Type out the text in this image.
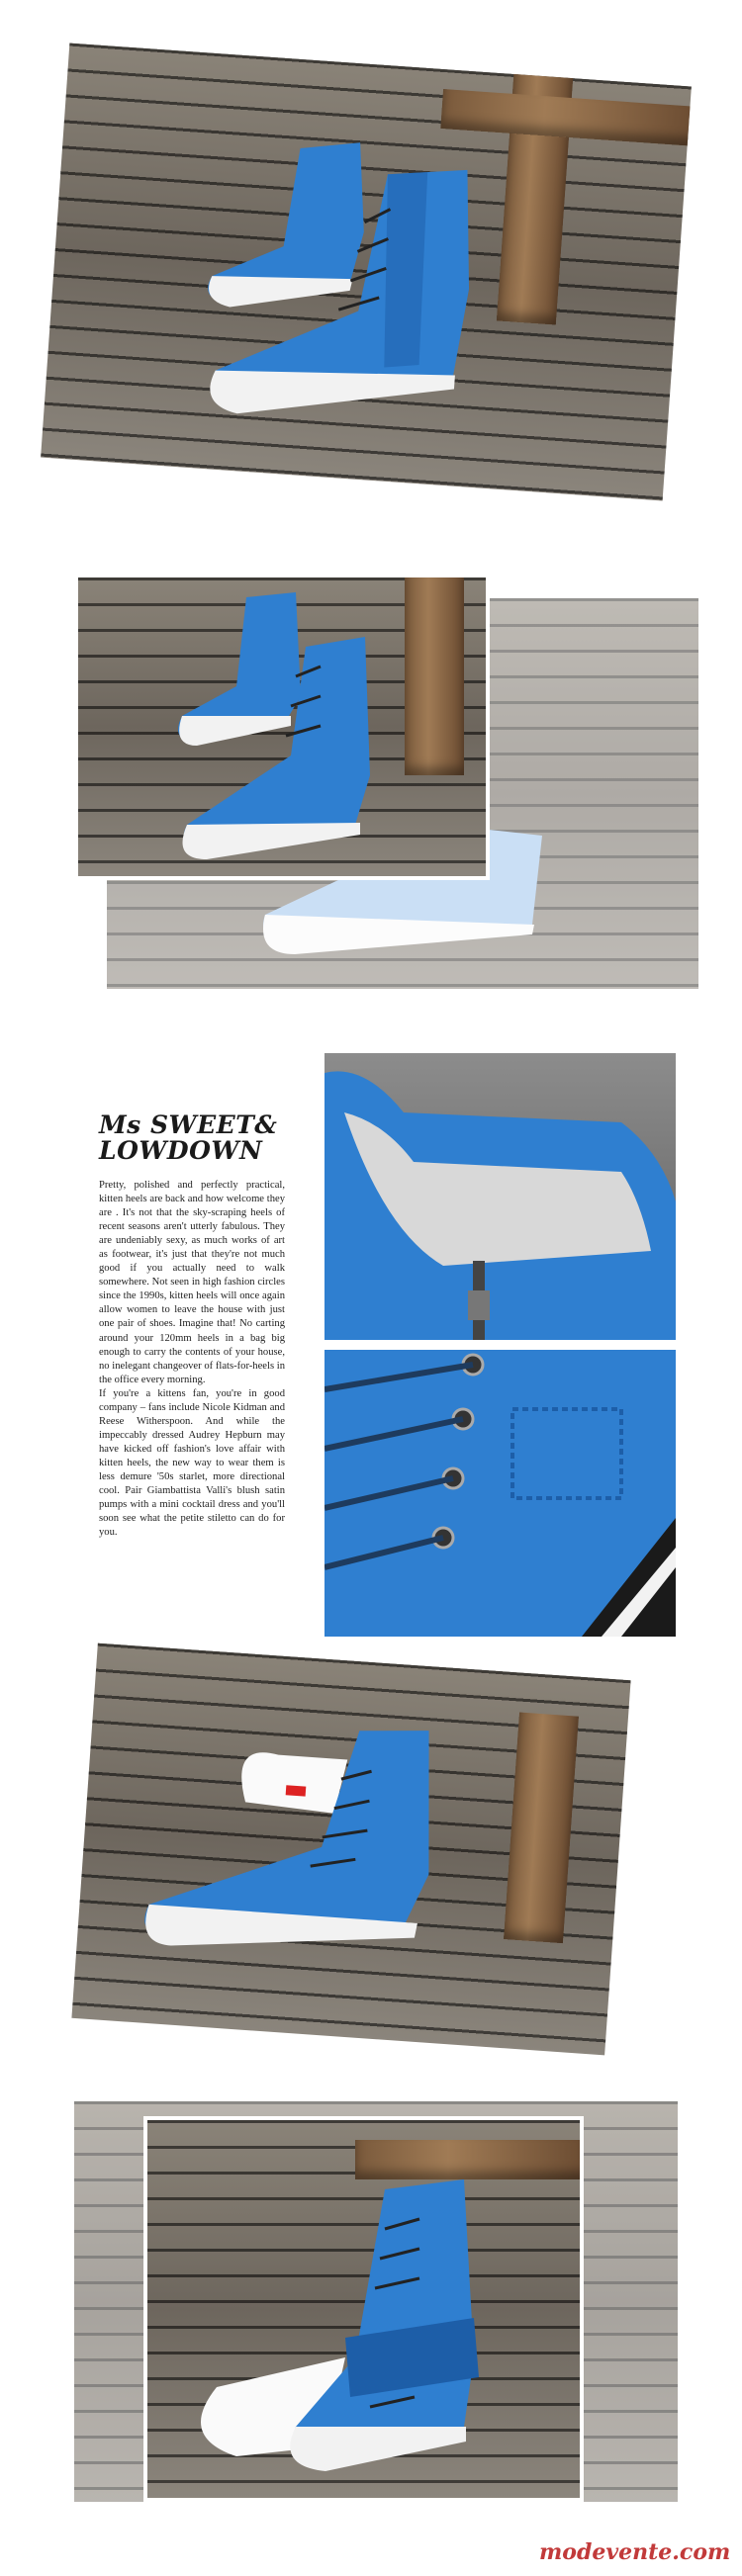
Ms SWEET&
LOWDOWN

Pretty, polished and perfectly practical, kitten heels are back and how welcome they are . It's not that the sky-scraping heels of recent seasons aren't utterly fabulous. They are undeniably sexy, as much works of art as footwear, it's just that they're not much good if you actually need to walk somewhere. Not seen in high fashion circles since the 1990s, kitten heels will once again allow women to leave the house with just one pair of shoes. Imagine that! No carting around your 120mm heels in a bag big enough to carry the contents of your house, no inelegant changeover of flats-for-heels in the office every morning.

If you're a kittens fan, you're in good company – fans include Nicole Kidman and Reese Witherspoon. And while the impeccably dressed Audrey Hepburn may have kicked off fashion's love affair with kitten heels, the new way to wear them is less demure '50s starlet, more directional cool. Pair Giambattista Valli's blush satin pumps with a mini cocktail dress and you'll soon see what the petite stiletto can do for you.

modevente.com
